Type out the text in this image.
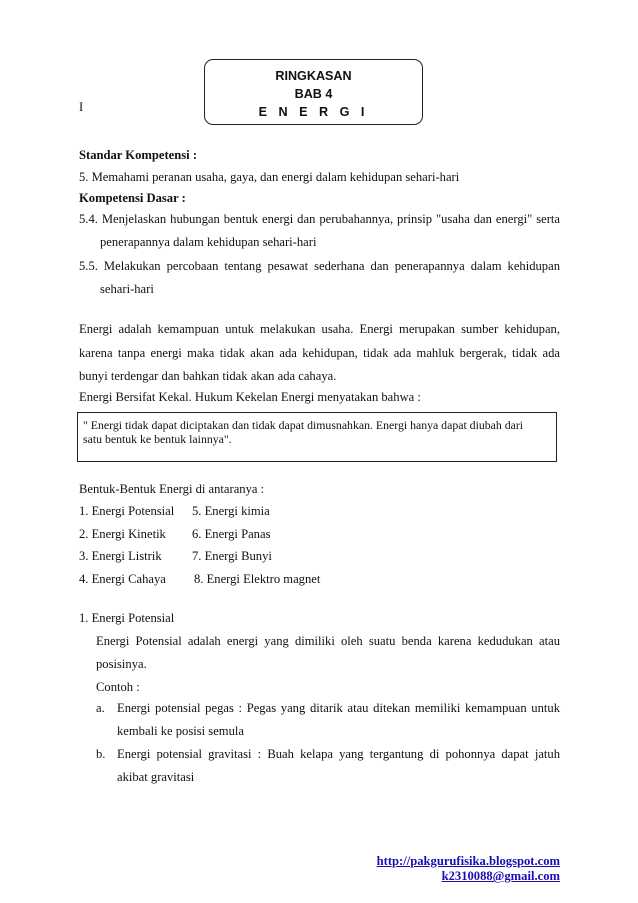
RINGKASAN
BAB 4
E N E R G I
I
Standar Kompetensi :
5. Memahami peranan usaha, gaya, dan energi dalam kehidupan sehari-hari
Kompetensi Dasar :
5.4. Menjelaskan hubungan bentuk energi dan perubahannya, prinsip "usaha dan energi" serta
penerapannya dalam kehidupan sehari-hari
5.5. Melakukan percobaan tentang pesawat sederhana dan penerapannya dalam kehidupan
sehari-hari
Energi adalah kemampuan untuk melakukan usaha. Energi merupakan sumber kehidupan,
karena tanpa energi maka tidak akan ada kehidupan, tidak ada mahluk bergerak, tidak ada
bunyi terdengar dan bahkan tidak akan ada cahaya.
Energi Bersifat Kekal. Hukum Kekelan Energi menyatakan bahwa :
" Energi tidak dapat diciptakan dan tidak dapat dimusnahkan. Energi hanya dapat diubah dari
satu bentuk ke bentuk lainnya".
Bentuk-Bentuk Energi di antaranya :
1. Energi Potensial
2. Energi Kinetik
3. Energi Listrik
4. Energi Cahaya
5. Energi kimia
6. Energi Panas
7. Energi Bunyi
8. Energi Elektro magnet
1. Energi Potensial
Energi Potensial adalah energi yang dimiliki oleh suatu benda karena kedudukan atau
posisinya.
Contoh :
a. Energi potensial pegas : Pegas yang ditarik atau ditekan memiliki kemampuan untuk
kembali ke posisi semula
b. Energi potensial gravitasi : Buah kelapa yang tergantung di pohonnya dapat jatuh
akibat gravitasi
http://pakgurufisika.blogspot.com
k2310088@gmail.com
